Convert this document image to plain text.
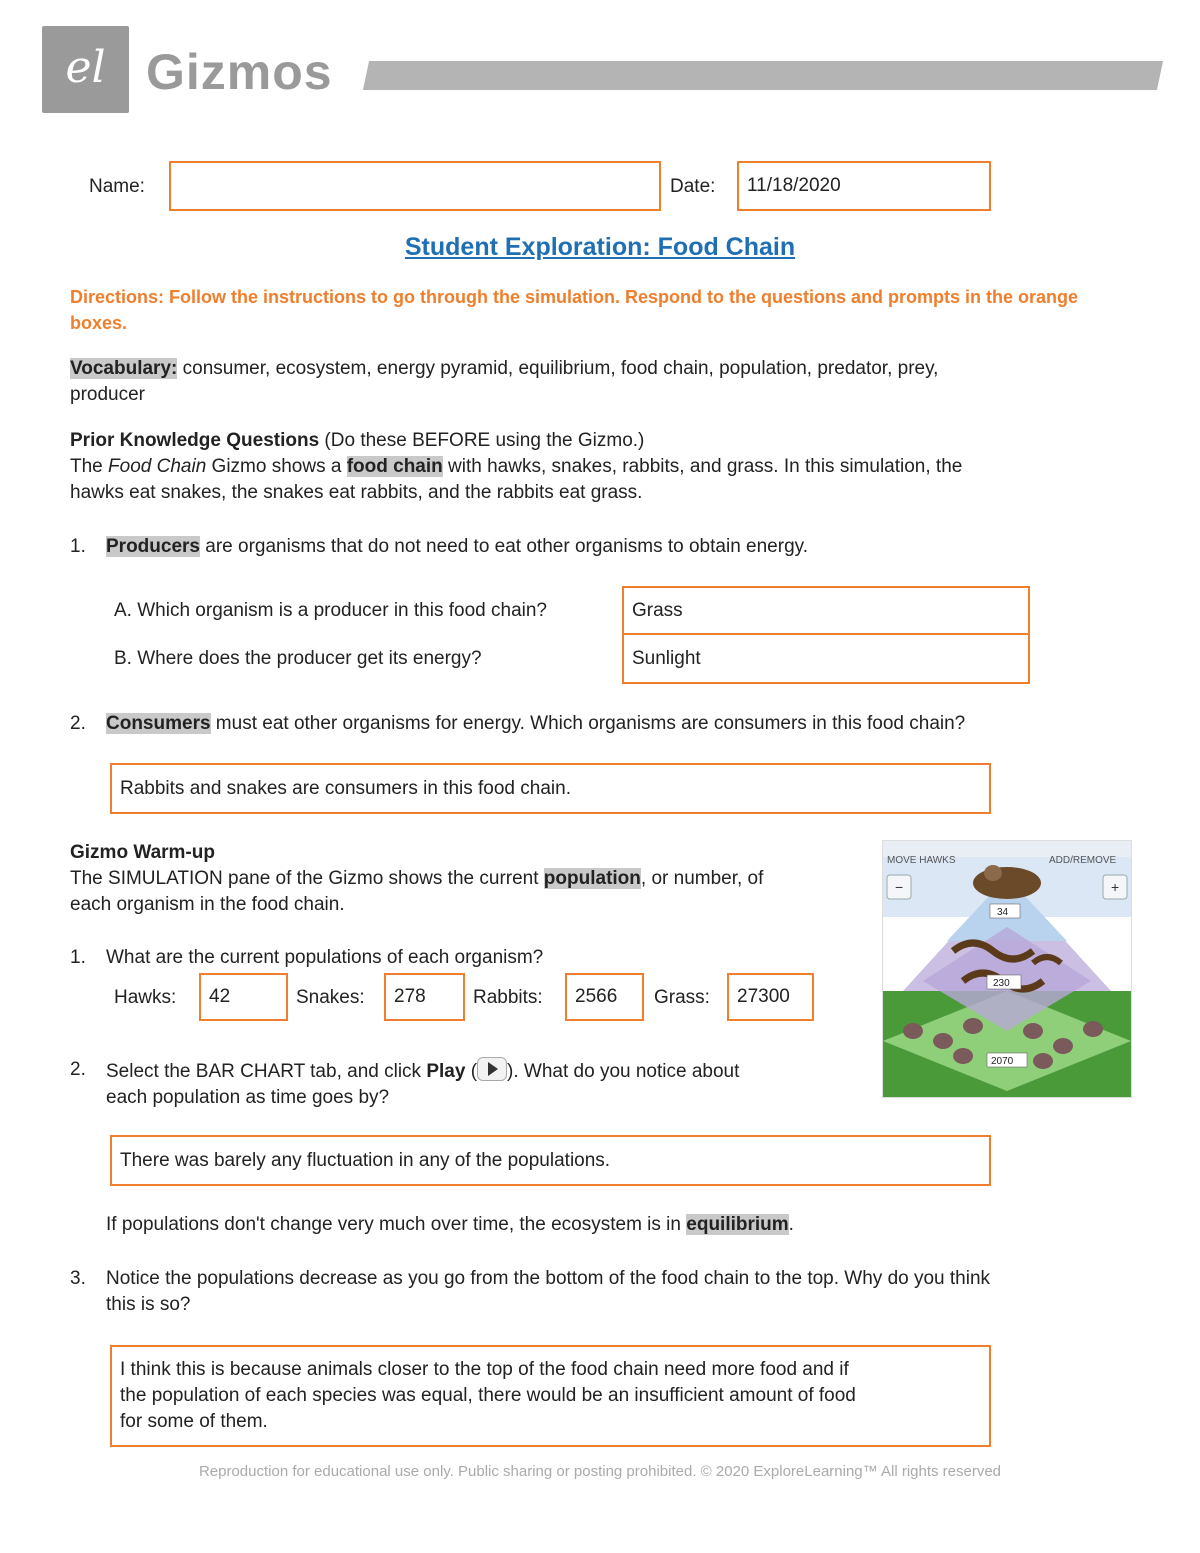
el Gizmos
Name:	Date: 11/18/2020
Student Exploration: Food Chain
Directions: Follow the instructions to go through the simulation. Respond to the questions and prompts in the orange boxes.
Vocabulary: consumer, ecosystem, energy pyramid, equilibrium, food chain, population, predator, prey,
producer
Prior Knowledge Questions (Do these BEFORE using the Gizmo.)
The Food Chain Gizmo shows a food chain with hawks, snakes, rabbits, and grass. In this simulation, the
hawks eat snakes, the snakes eat rabbits, and the rabbits eat grass.
1. Producers are organisms that do not need to eat other organisms to obtain energy.
A. Which organism is a producer in this food chain?	Grass
B. Where does the producer get its energy?	Sunlight
2. Consumers must eat other organisms for energy. Which organisms are consumers in this food chain?
Rabbits and snakes are consumers in this food chain.
Gizmo Warm-up
The SIMULATION pane of the Gizmo shows the current population, or number, of
each organism in the food chain.
1. What are the current populations of each organism?
Hawks: 42	Snakes: 278	Rabbits: 2566	Grass: 27300
2. Select the BAR CHART tab, and click Play ( ). What do you notice about
each population as time goes by?
There was barely any fluctuation in any of the populations.
If populations don't change very much over time, the ecosystem is in equilibrium.
3. Notice the populations decrease as you go from the bottom of the food chain to the top. Why do you think
this is so?
I think this is because animals closer to the top of the food chain need more food and if
the population of each species was equal, there would be an insufficient amount of food
for some of them.
MOVE HAWKS	ADD/REMOVE
−	+
34
230
2070
Reproduction for educational use only. Public sharing or posting prohibited. © 2020 ExploreLearning™ All rights reserved
